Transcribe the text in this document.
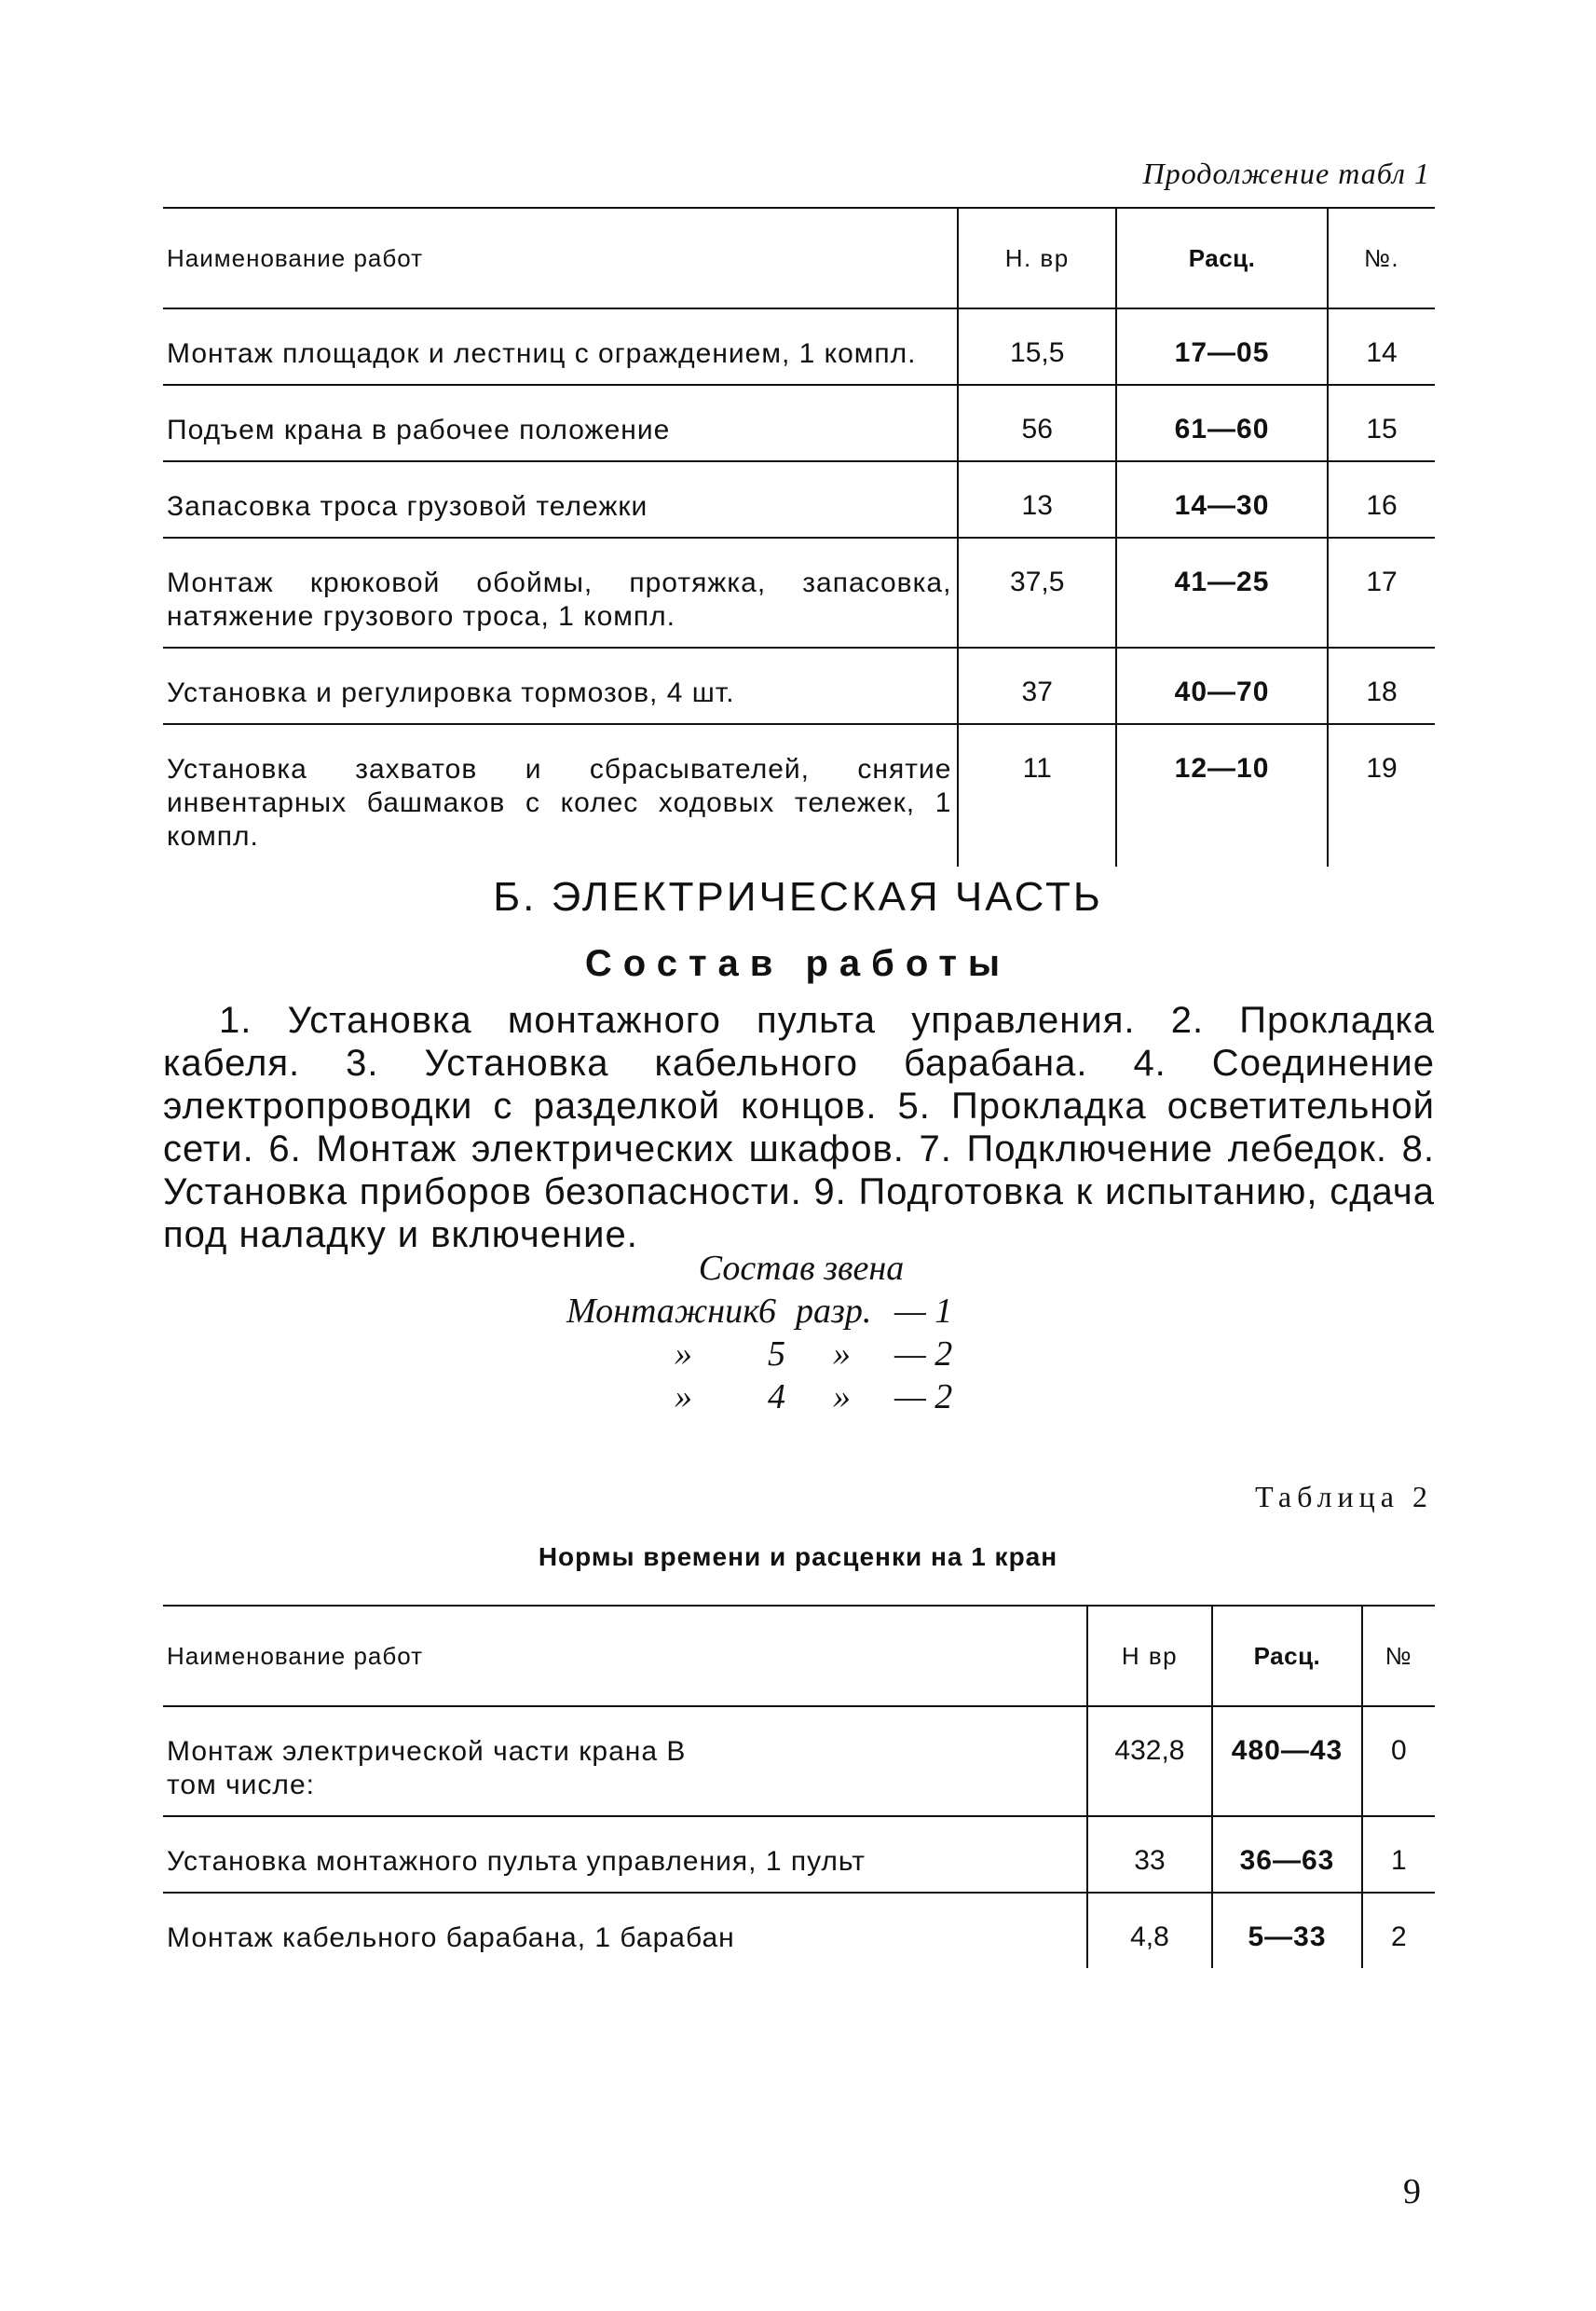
Продолжение табл 1
Наименование работ	Н. вр	Расц.	№.
Монтаж площадок и лестниц с ограждением, 1 компл.	15,5	17—05	14
Подъем крана в рабочее положение	56	61—60	15
Запасовка троса грузовой тележки	13	14—30	16
Монтаж крюковой обоймы, протяжка, запасовка, натяжение грузового троса, 1 компл.	37,5	41—25	17
Установка и регулировка тормозов, 4 шт.	37	40—70	18
Установка захватов и сбрасывателей, снятие инвентарных башмаков с колес ходовых тележек, 1 компл.	11	12—10	19
Б. ЭЛЕКТРИЧЕСКАЯ ЧАСТЬ
Состав работы
1. Установка монтажного пульта управления. 2. Прокладка кабеля. 3. Установка кабельного барабана. 4. Соединение электропроводки с разделкой концов. 5. Прокладка осветительной сети. 6. Монтаж электрических шкафов. 7. Подключение лебедок. 8. Установка приборов безопасности. 9. Подготовка к испытанию, сдача под наладку и включение.
Состав звена
Монтажник 6 разр. — 1
» 5 » — 2
» 4 » — 2
Таблица 2
Нормы времени и расценки на 1 кран
Наименование работ	Н вр	Расц.	№
Монтаж электрической части крана В том числе:	432,8	480—43	0
Установка монтажного пульта управления, 1 пульт	33	36—63	1
Монтаж кабельного барабана, 1 барабан	4,8	5—33	2
9
